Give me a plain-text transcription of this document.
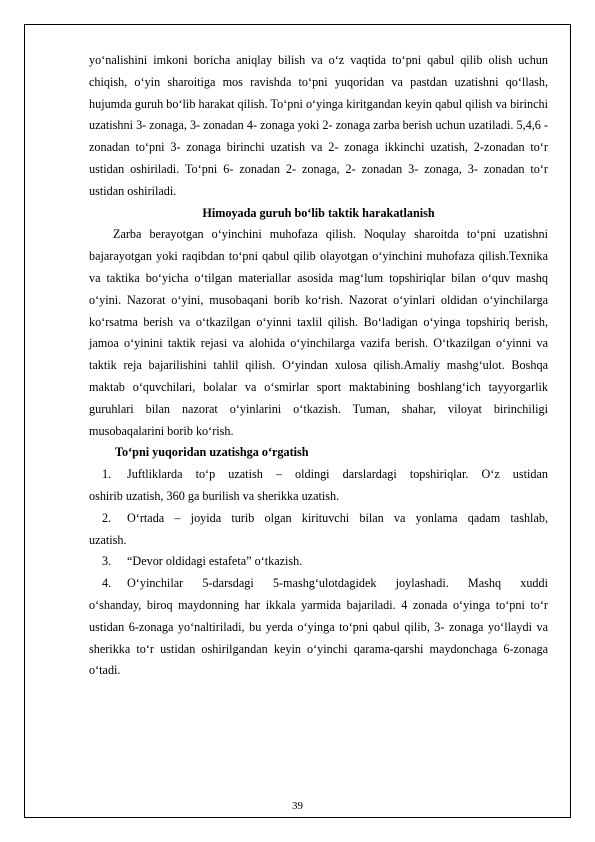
yo‘nalishini imkoni boricha aniqlay bilish va o‘z vaqtida to‘pni qabul qilib olish uchun chiqish, o‘yin sharoitiga mos ravishda to‘pni yuqoridan va pastdan uzatishni qo‘llash, hujumda guruh bo‘lib harakat qilish. To‘pni o‘yinga kiritgandan keyin qabul qilish va birinchi uzatishni 3- zonaga, 3- zonadan 4- zonaga yoki 2- zonaga zarba berish uchun uzatiladi. 5,4,6 -zonadan to‘pni 3- zonaga birinchi uzatish va 2- zonaga ikkinchi uzatish, 2-zonadan to‘r ustidan oshiriladi. To‘pni 6- zonadan 2- zonaga, 2- zonadan 3- zonaga, 3- zonadan to‘r ustidan oshiriladi.

Himoyada guruh bo‘lib taktik harakatlanish

Zarba berayotgan o‘yinchini muhofaza qilish. Noqulay sharoitda to‘pni uzatishni bajarayotgan yoki raqibdan to‘pni qabul qilib olayotgan o‘yinchini muhofaza qilish.Texnika va taktika bo‘yicha o‘tilgan materiallar asosida mag‘lum topshiriqlar bilan o‘quv mashq o‘yini. Nazorat o‘yini, musobaqani borib ko‘rish. Nazorat o‘yinlari oldidan o‘yinchilarga ko‘rsatma berish va o‘tkazilgan o‘yinni taxlil qilish. Bo‘ladigan o‘yinga topshiriq berish, jamoa o‘yinini taktik rejasi va alohida o‘yinchilarga vazifa berish. O‘tkazilgan o‘yinni va taktik reja bajarilishini tahlil qilish. O‘yindan xulosa qilish.Amaliy mashg‘ulot. Boshqa maktab o‘quvchilari, bolalar va o‘smirlar sport maktabining boshlang‘ich tayyorgarlik guruhlari bilan nazorat o‘yinlarini o‘tkazish. Tuman, shahar, viloyat birinchiligi musobaqalarini borib ko‘rish.

To‘pni yuqoridan uzatishga o‘rgatish

1.	Juftliklarda to‘p uzatish – oldingi darslardagi topshiriqlar. O‘z ustidan

oshirib uzatish, 360 ga burilish va sherikka uzatish.

2.	O‘rtada – joyida turib olgan kirituvchi bilan va yonlama qadam tashlab,

uzatish.

3.	“Devor oldidagi estafeta” o‘tkazish.
4.	O‘yinchilar 5-darsdagi 5-mashg‘ulotdagidek joylashadi. Mashq xuddi

o‘shanday, biroq maydonning har ikkala yarmida bajariladi. 4 zonada o‘yinga to‘pni to‘r ustidan 6-zonaga yo‘naltiriladi, bu yerda o‘yinga to‘pni qabul qilib, 3- zonaga yo‘llaydi va sherikka to‘r ustidan oshirilgandan keyin o‘yinchi qarama-qarshi maydonchaga 6-zonaga o‘tadi.

39
